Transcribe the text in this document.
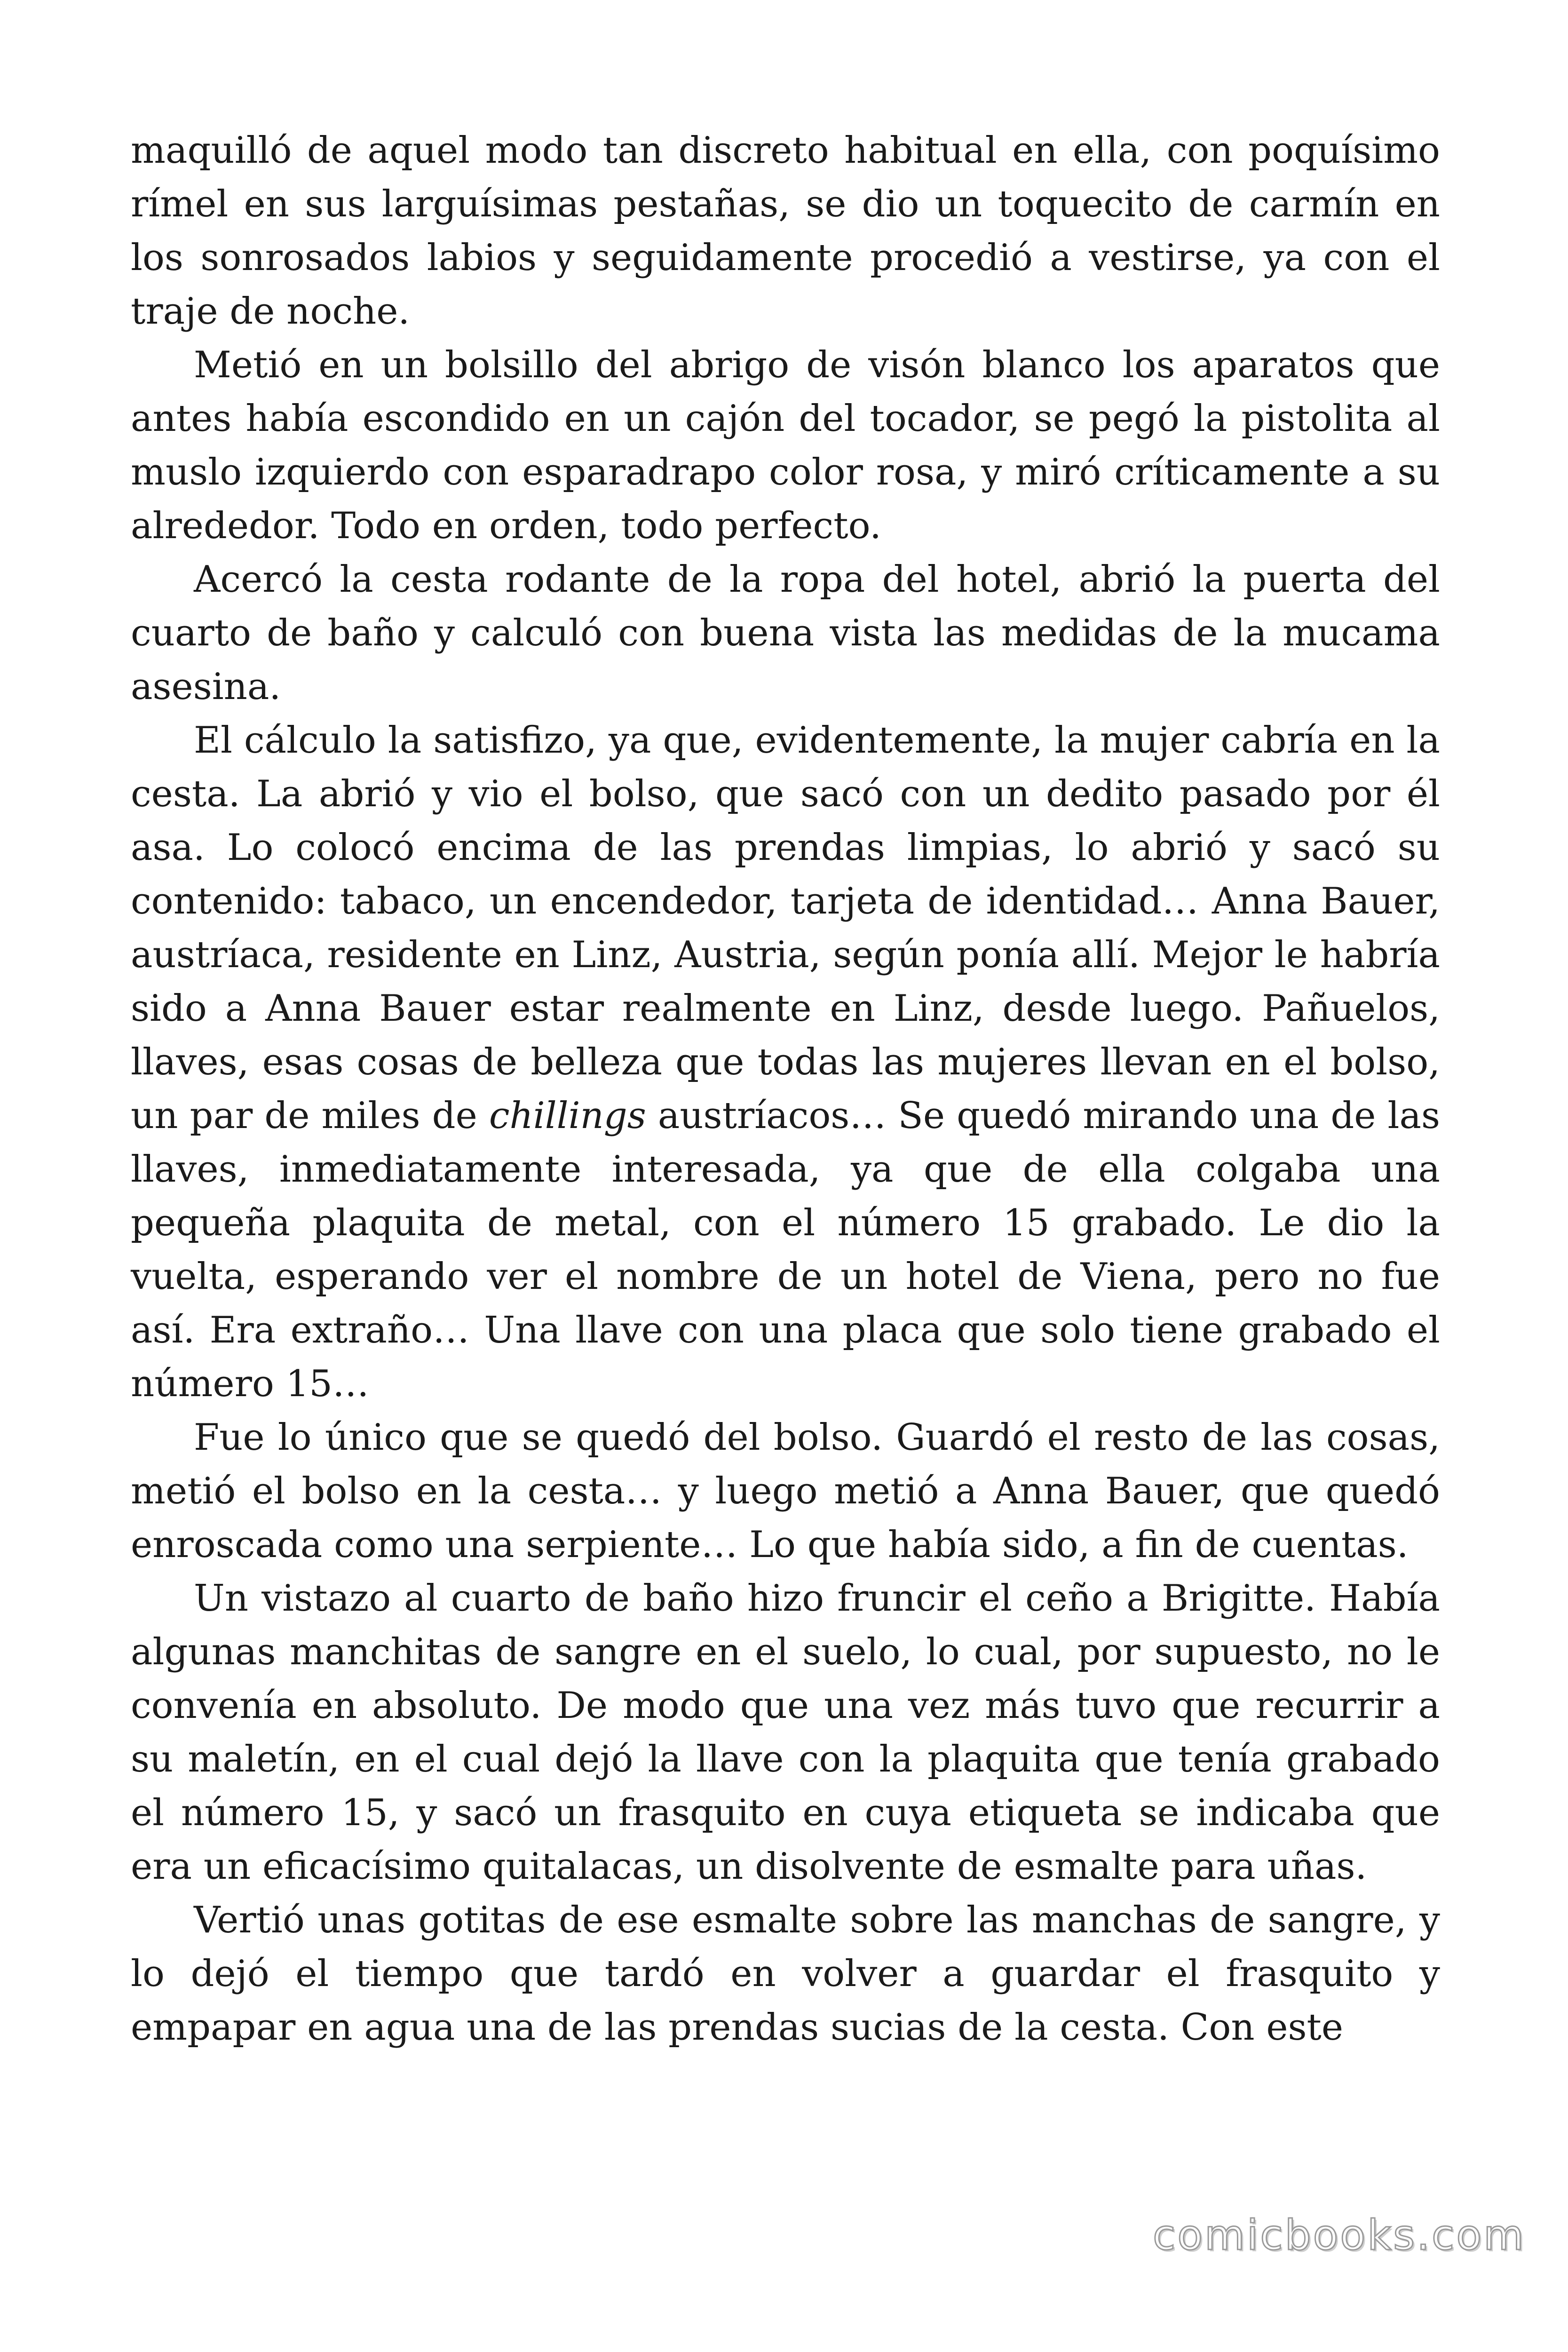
maquilló de aquel modo tan discreto habitual en ella, con poquísimo rímel en sus larguísimas pestañas, se dio un toquecito de carmín en los sonrosados labios y seguidamente procedió a vestirse, ya con el traje de noche.

Metió en un bolsillo del abrigo de visón blanco los aparatos que antes había escondido en un cajón del tocador, se pegó la pistolita al muslo izquierdo con esparadrapo color rosa, y miró críticamente a su alrededor. Todo en orden, todo perfecto.

Acercó la cesta rodante de la ropa del hotel, abrió la puerta del cuarto de baño y calculó con buena vista las medidas de la mucama asesina.

El cálculo la satisfizo, ya que, evidentemente, la mujer cabría en la cesta. La abrió y vio el bolso, que sacó con un dedito pasado por él asa. Lo colocó encima de las prendas limpias, lo abrió y sacó su contenido: tabaco, un encendedor, tarjeta de identidad… Anna Bauer, austríaca, residente en Linz, Austria, según ponía allí. Mejor le habría sido a Anna Bauer estar realmente en Linz, desde luego. Pañuelos, llaves, esas cosas de belleza que todas las mujeres llevan en el bolso, un par de miles de chillings austríacos… Se quedó mirando una de las llaves, inmediatamente interesada, ya que de ella colgaba una pequeña plaquita de metal, con el número 15 grabado. Le dio la vuelta, esperando ver el nombre de un hotel de Viena, pero no fue así. Era extraño… Una llave con una placa que solo tiene grabado el número 15…

Fue lo único que se quedó del bolso. Guardó el resto de las cosas, metió el bolso en la cesta… y luego metió a Anna Bauer, que quedó enroscada como una serpiente… Lo que había sido, a fin de cuentas.

Un vistazo al cuarto de baño hizo fruncir el ceño a Brigitte. Había algunas manchitas de sangre en el suelo, lo cual, por supuesto, no le convenía en absoluto. De modo que una vez más tuvo que recurrir a su maletín, en el cual dejó la llave con la plaquita que tenía grabado el número 15, y sacó un frasquito en cuya etiqueta se indicaba que era un eficacísimo quitalacas, un disolvente de esmalte para uñas.

Vertió unas gotitas de ese esmalte sobre las manchas de sangre, y lo dejó el tiempo que tardó en volver a guardar el frasquito y empapar en agua una de las prendas sucias de la cesta. Con este

comicbooks.com
